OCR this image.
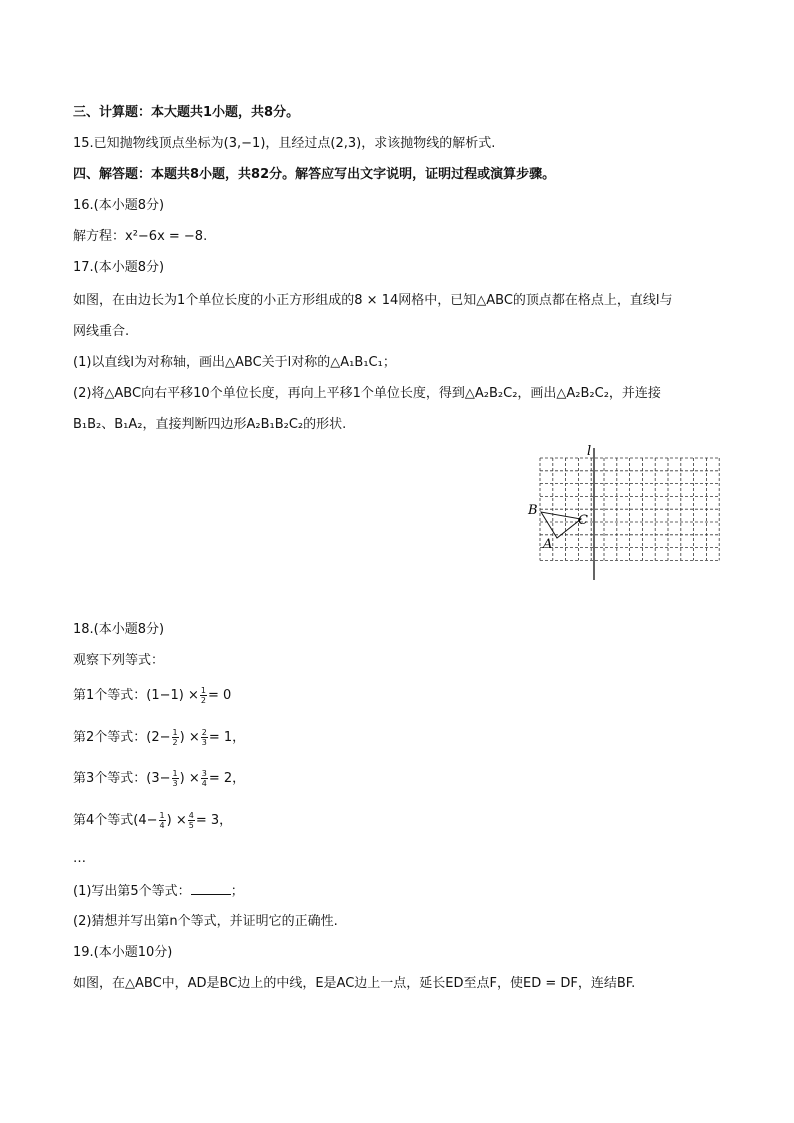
三、计算题：本大题共1小题，共8分。
15.已知抛物线顶点坐标为(3,−1)，且经过点(2,3)，求该抛物线的解析式.
四、解答题：本题共8小题，共82分。解答应写出文字说明，证明过程或演算步骤。
16.(本小题8分)
解方程：x²−6x = −8.
17.(本小题8分)
如图，在由边长为1个单位长度的小正方形组成的8 × 14网格中，已知△ABC的顶点都在格点上，直线l与
网线重合.
(1)以直线l为对称轴，画出△ABC关于l对称的△A₁B₁C₁；
(2)将△ABC向右平移10个单位长度，再向上平移1个单位长度，得到△A₂B₂C₂，画出△A₂B₂C₂，并连接
B₁B₂、B₁A₂，直接判断四边形A₂B₁B₂C₂的形状.
l
B
C
A
18.(本小题8分)
观察下列等式：
第1个等式：$(1-1) \times \frac{1}{2} = 0$
第2个等式：($2- \frac{1}{2}$ ) × $\frac{2}{3} = 1$，
第3个等式：($3- \frac{1}{3}$ ) × $\frac{3}{4} = 2$，
第4个等式($4- \frac{1}{4}$ ) × $\frac{4}{5} = 3$，
…
(1)写出第5个等式：	；
(2)猜想并写出第n个等式，并证明它的正确性.
19.(本小题10分)
如图，在△ABC中，AD是BC边上的中线，E是AC边上一点，延长ED至点F，使ED = DF，连结BF.
